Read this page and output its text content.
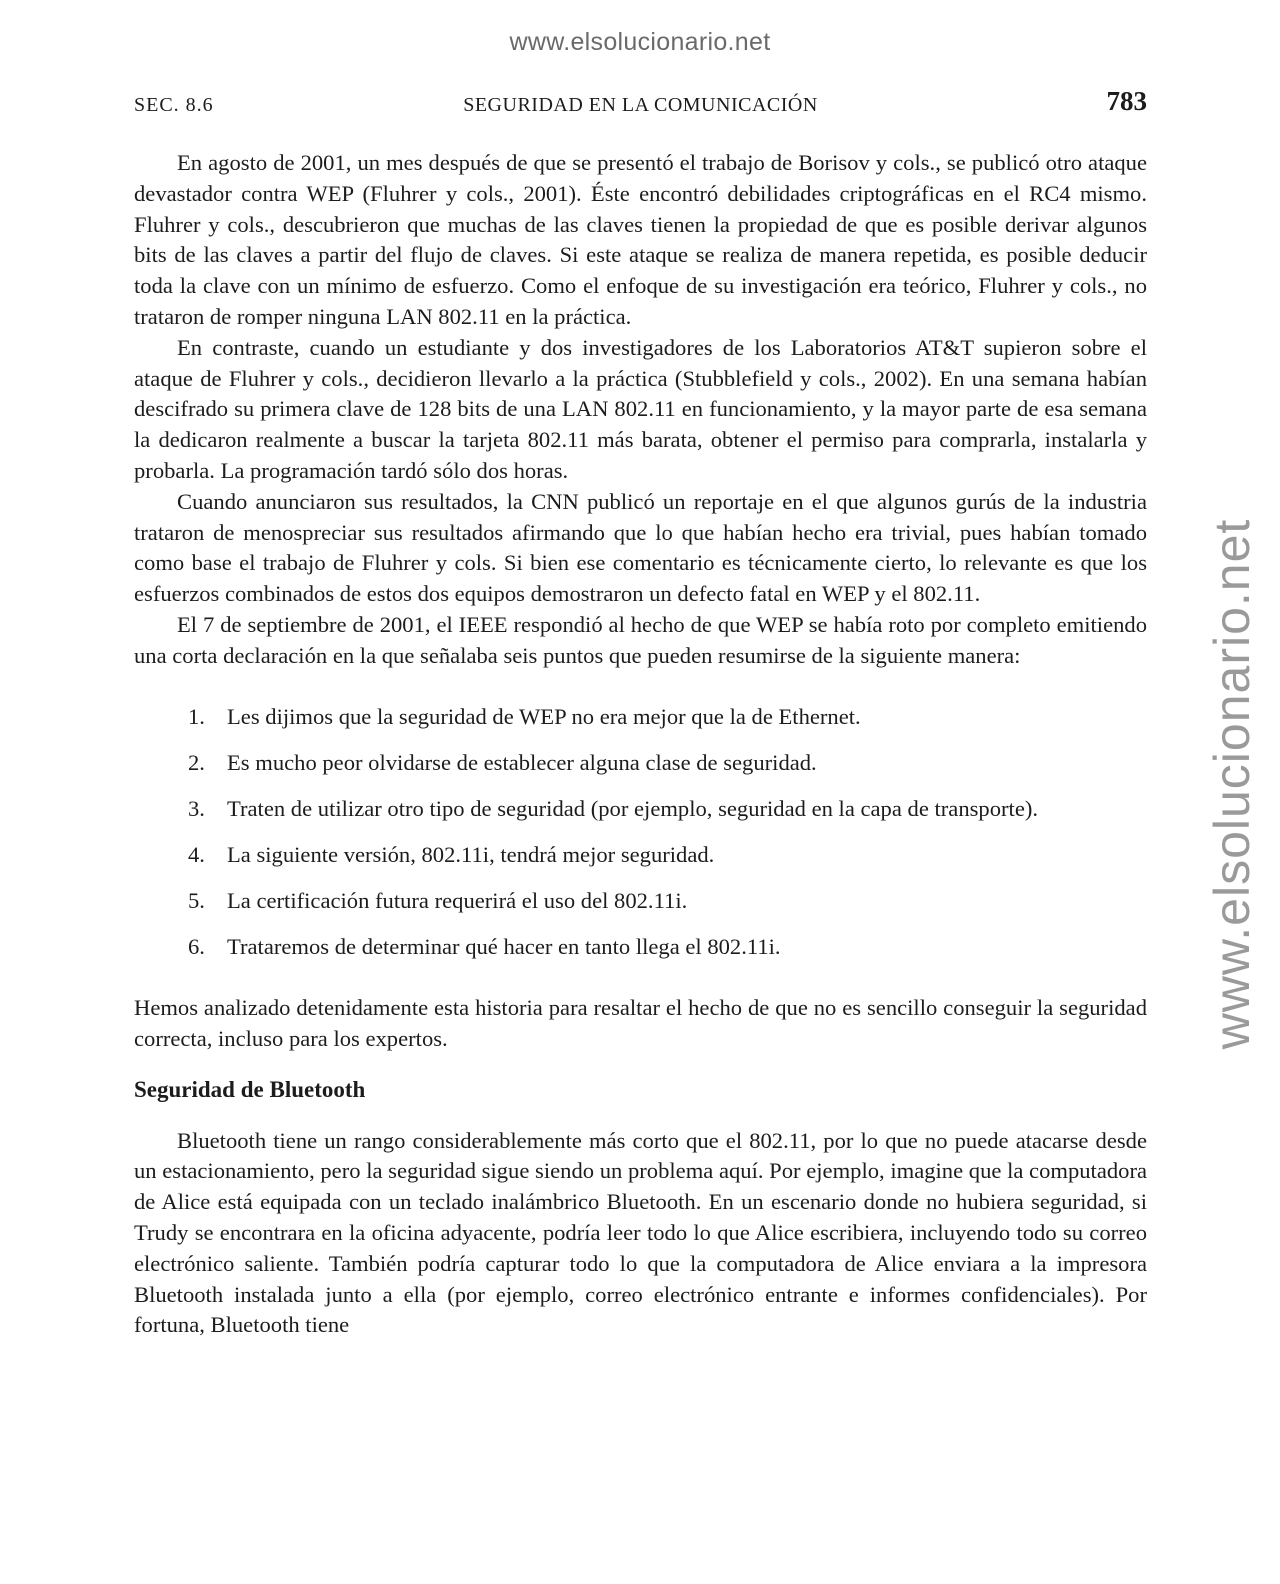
www.elsolucionario.net
www.elsolucionario.net
SEC. 8.6	SEGURIDAD EN LA COMUNICACIÓN	783

En agosto de 2001, un mes después de que se presentó el trabajo de Borisov y cols., se publicó otro ataque devastador contra WEP (Fluhrer y cols., 2001). Éste encontró debilidades criptográficas en el RC4 mismo. Fluhrer y cols., descubrieron que muchas de las claves tienen la propiedad de que es posible derivar algunos bits de las claves a partir del flujo de claves. Si este ataque se realiza de manera repetida, es posible deducir toda la clave con un mínimo de esfuerzo. Como el enfoque de su investigación era teórico, Fluhrer y cols., no trataron de romper ninguna LAN 802.11 en la práctica.

En contraste, cuando un estudiante y dos investigadores de los Laboratorios AT&T supieron sobre el ataque de Fluhrer y cols., decidieron llevarlo a la práctica (Stubblefield y cols., 2002). En una semana habían descifrado su primera clave de 128 bits de una LAN 802.11 en funcionamiento, y la mayor parte de esa semana la dedicaron realmente a buscar la tarjeta 802.11 más barata, obtener el permiso para comprarla, instalarla y probarla. La programación tardó sólo dos horas.

Cuando anunciaron sus resultados, la CNN publicó un reportaje en el que algunos gurús de la industria trataron de menospreciar sus resultados afirmando que lo que habían hecho era trivial, pues habían tomado como base el trabajo de Fluhrer y cols. Si bien ese comentario es técnicamente cierto, lo relevante es que los esfuerzos combinados de estos dos equipos demostraron un defecto fatal en WEP y el 802.11.

El 7 de septiembre de 2001, el IEEE respondió al hecho de que WEP se había roto por completo emitiendo una corta declaración en la que señalaba seis puntos que pueden resumirse de la siguiente manera:

1. Les dijimos que la seguridad de WEP no era mejor que la de Ethernet.
2. Es mucho peor olvidarse de establecer alguna clase de seguridad.
3. Traten de utilizar otro tipo de seguridad (por ejemplo, seguridad en la capa de transporte).
4. La siguiente versión, 802.11i, tendrá mejor seguridad.
5. La certificación futura requerirá el uso del 802.11i.
6. Trataremos de determinar qué hacer en tanto llega el 802.11i.

Hemos analizado detenidamente esta historia para resaltar el hecho de que no es sencillo conseguir la seguridad correcta, incluso para los expertos.

Seguridad de Bluetooth

Bluetooth tiene un rango considerablemente más corto que el 802.11, por lo que no puede atacarse desde un estacionamiento, pero la seguridad sigue siendo un problema aquí. Por ejemplo, imagine que la computadora de Alice está equipada con un teclado inalámbrico Bluetooth. En un escenario donde no hubiera seguridad, si Trudy se encontrara en la oficina adyacente, podría leer todo lo que Alice escribiera, incluyendo todo su correo electrónico saliente. También podría capturar todo lo que la computadora de Alice enviara a la impresora Bluetooth instalada junto a ella (por ejemplo, correo electrónico entrante e informes confidenciales). Por fortuna, Bluetooth tiene
